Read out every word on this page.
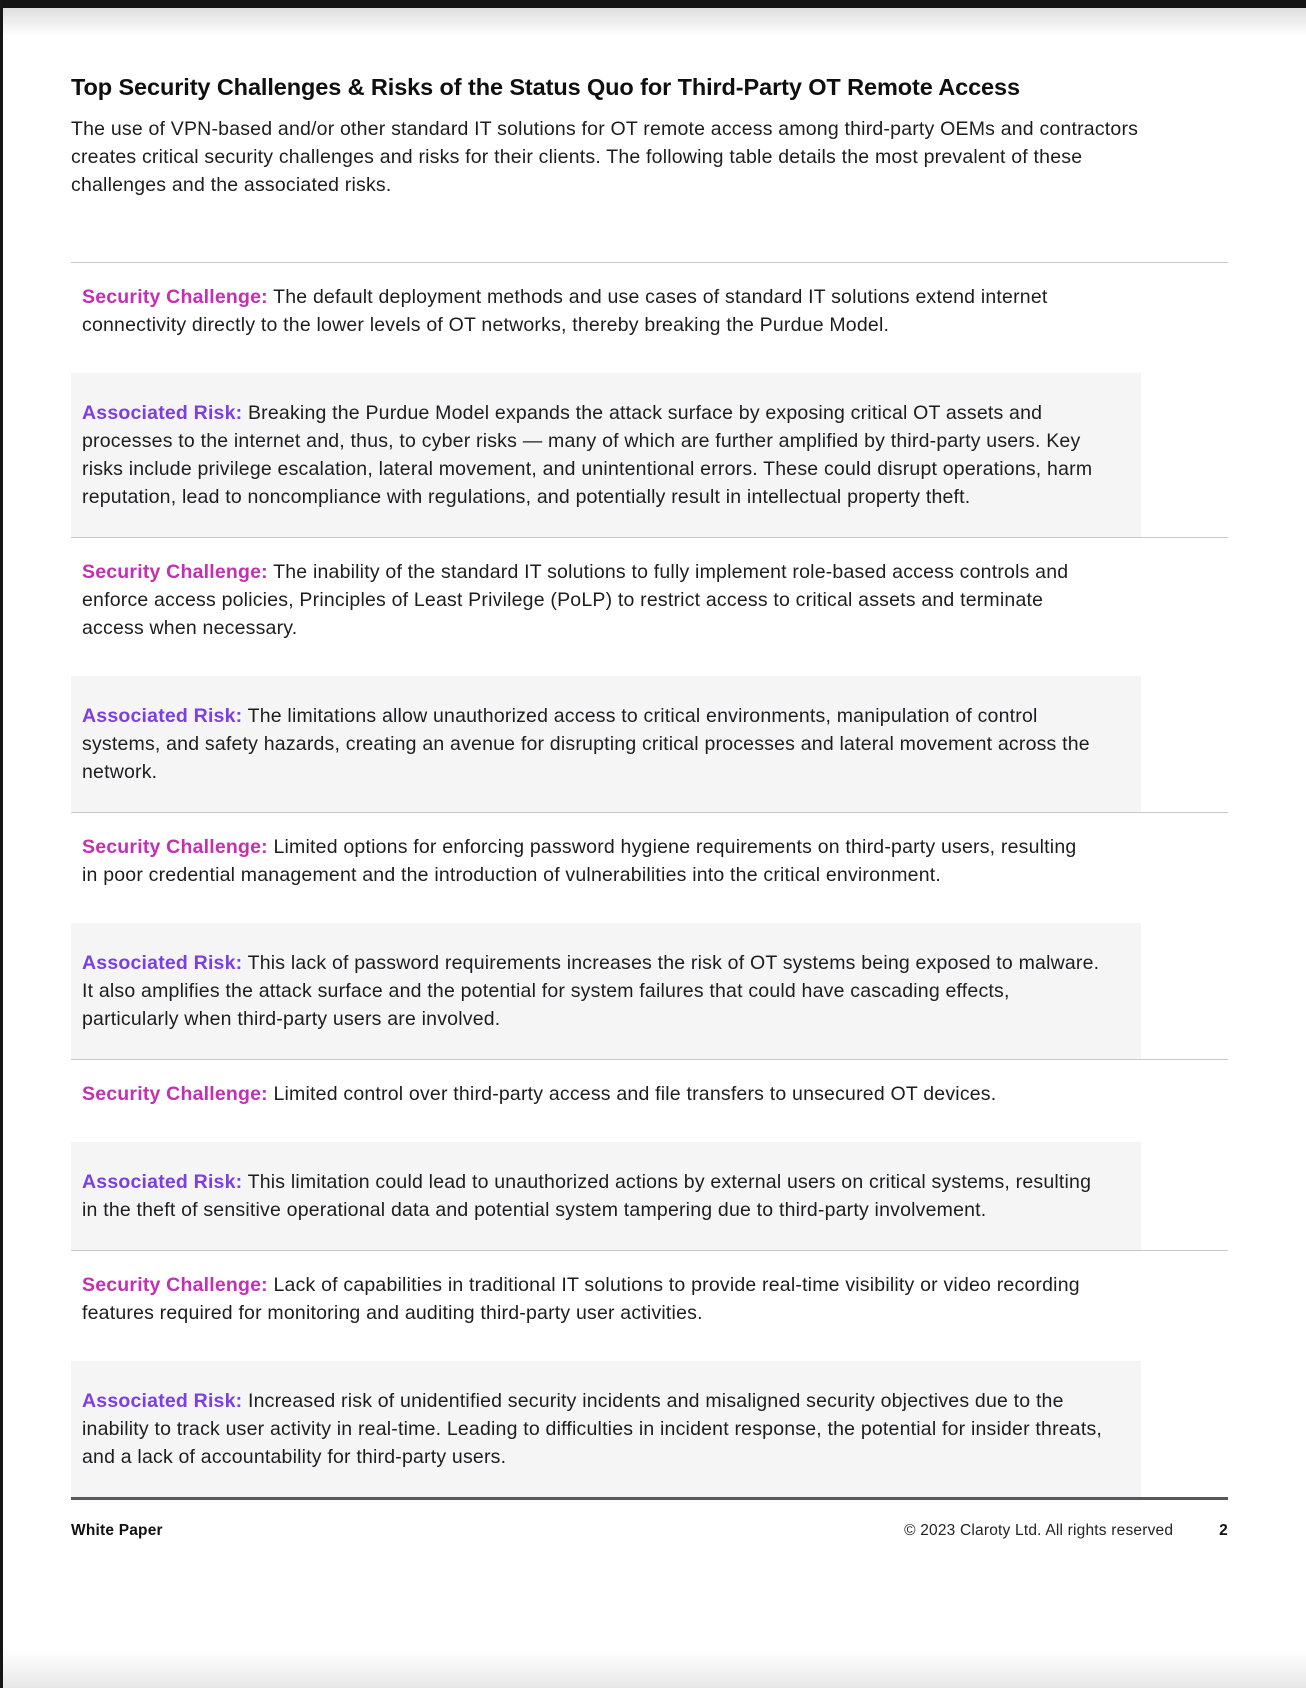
Top Security Challenges & Risks of the Status Quo for Third-Party OT Remote Access

The use of VPN-based and/or other standard IT solutions for OT remote access among third-party OEMs and contractors creates critical security challenges and risks for their clients. The following table details the most prevalent of these challenges and the associated risks.

Security Challenge: The default deployment methods and use cases of standard IT solutions extend internet connectivity directly to the lower levels of OT networks, thereby breaking the Purdue Model.

Associated Risk: Breaking the Purdue Model expands the attack surface by exposing critical OT assets and processes to the internet and, thus, to cyber risks — many of which are further amplified by third-party users. Key risks include privilege escalation, lateral movement, and unintentional errors. These could disrupt operations, harm reputation, lead to noncompliance with regulations, and potentially result in intellectual property theft.

Security Challenge: The inability of the standard IT solutions to fully implement role-based access controls and enforce access policies, Principles of Least Privilege (PoLP) to restrict access to critical assets and terminate access when necessary.

Associated Risk: The limitations allow unauthorized access to critical environments, manipulation of control systems, and safety hazards, creating an avenue for disrupting critical processes and lateral movement across the network.

Security Challenge: Limited options for enforcing password hygiene requirements on third-party users, resulting in poor credential management and the introduction of vulnerabilities into the critical environment.

Associated Risk: This lack of password requirements increases the risk of OT systems being exposed to malware. It also amplifies the attack surface and the potential for system failures that could have cascading effects, particularly when third-party users are involved.

Security Challenge: Limited control over third-party access and file transfers to unsecured OT devices.

Associated Risk: This limitation could lead to unauthorized actions by external users on critical systems, resulting in the theft of sensitive operational data and potential system tampering due to third-party involvement.

Security Challenge: Lack of capabilities in traditional IT solutions to provide real-time visibility or video recording features required for monitoring and auditing third-party user activities.

Associated Risk: Increased risk of unidentified security incidents and misaligned security objectives due to the inability to track user activity in real-time. Leading to difficulties in incident response, the potential for insider threats, and a lack of accountability for third-party users.

White Paper	© 2023 Claroty Ltd. All rights reserved	2
